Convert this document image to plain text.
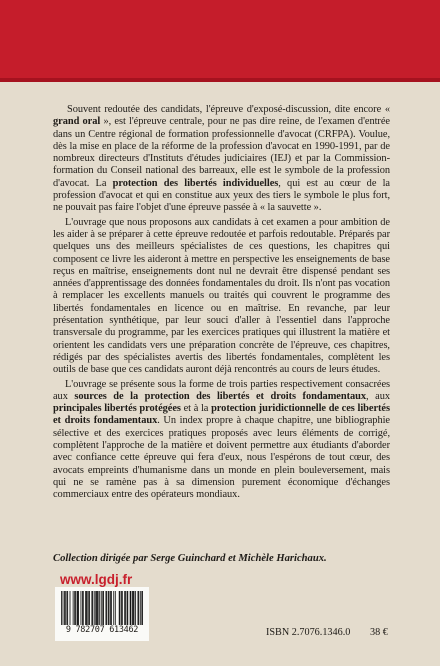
Souvent redoutée des candidats, l'épreuve d'exposé-discussion, dite encore « grand oral », est l'épreuve centrale, pour ne pas dire reine, de l'examen d'entrée dans un Centre régional de formation professionnelle d'avocat (CRFPA). Voulue, dès la mise en place de la réforme de la profession d'avocat en 1990-1991, par de nombreux directeurs d'Instituts d'études judiciaires (IEJ) et par la Commission-formation du Conseil national des barreaux, elle est le symbole de la profession d'avocat. La protection des libertés individuelles, qui est au cœur de la profession d'avocat et qui en constitue aux yeux des tiers le symbole le plus fort, ne pouvait pas faire l'objet d'une épreuve passée à « la sauvette ».

L'ouvrage que nous proposons aux candidats à cet examen a pour ambition de les aider à se préparer à cette épreuve redoutée et parfois redoutable. Préparés par quelques uns des meilleurs spécialistes de ces questions, les chapitres qui composent ce livre les aideront à mettre en perspective les enseignements de base reçus en maîtrise, enseignements dont nul ne devrait être dispensé pendant ses années d'apprentissage des données fondamentales du droit. Ils n'ont pas vocation à remplacer les excellents manuels ou traités qui couvrent le programme des libertés fondamentales en licence ou en maîtrise. En revanche, par leur présentation synthétique, par leur souci d'aller à l'essentiel dans l'approche transversale du programme, par les exercices pratiques qui illustrent la matière et orientent les candidats vers une préparation concrète de l'épreuve, ces chapitres, rédigés par des spécialistes avertis des libertés fondamentales, complètent les outils de base que ces candidats auront déjà rencontrés au cours de leurs études.

L'ouvrage se présente sous la forme de trois parties respectivement consacrées aux sources de la protection des libertés et droits fondamentaux, aux principales libertés protégées et à la protection juridictionnelle de ces libertés et droits fondamentaux. Un index propre à chaque chapitre, une bibliographie sélective et des exercices pratiques proposés avec leurs éléments de corrigé, complètent l'approche de la matière et doivent permettre aux étudiants d'aborder avec confiance cette épreuve qui fera d'eux, nous l'espérons de tout cœur, des avocats empreints d'humanisme dans un monde en plein bouleversement, mais qui ne se ramène pas à sa dimension purement économique d'échanges commerciaux entre des opérateurs mondiaux.

Collection dirigée par Serge Guinchard et Michèle Harichaux.
www.lgdj.fr
9 782707 613462	ISBN 2.7076.1346.0 38 €
